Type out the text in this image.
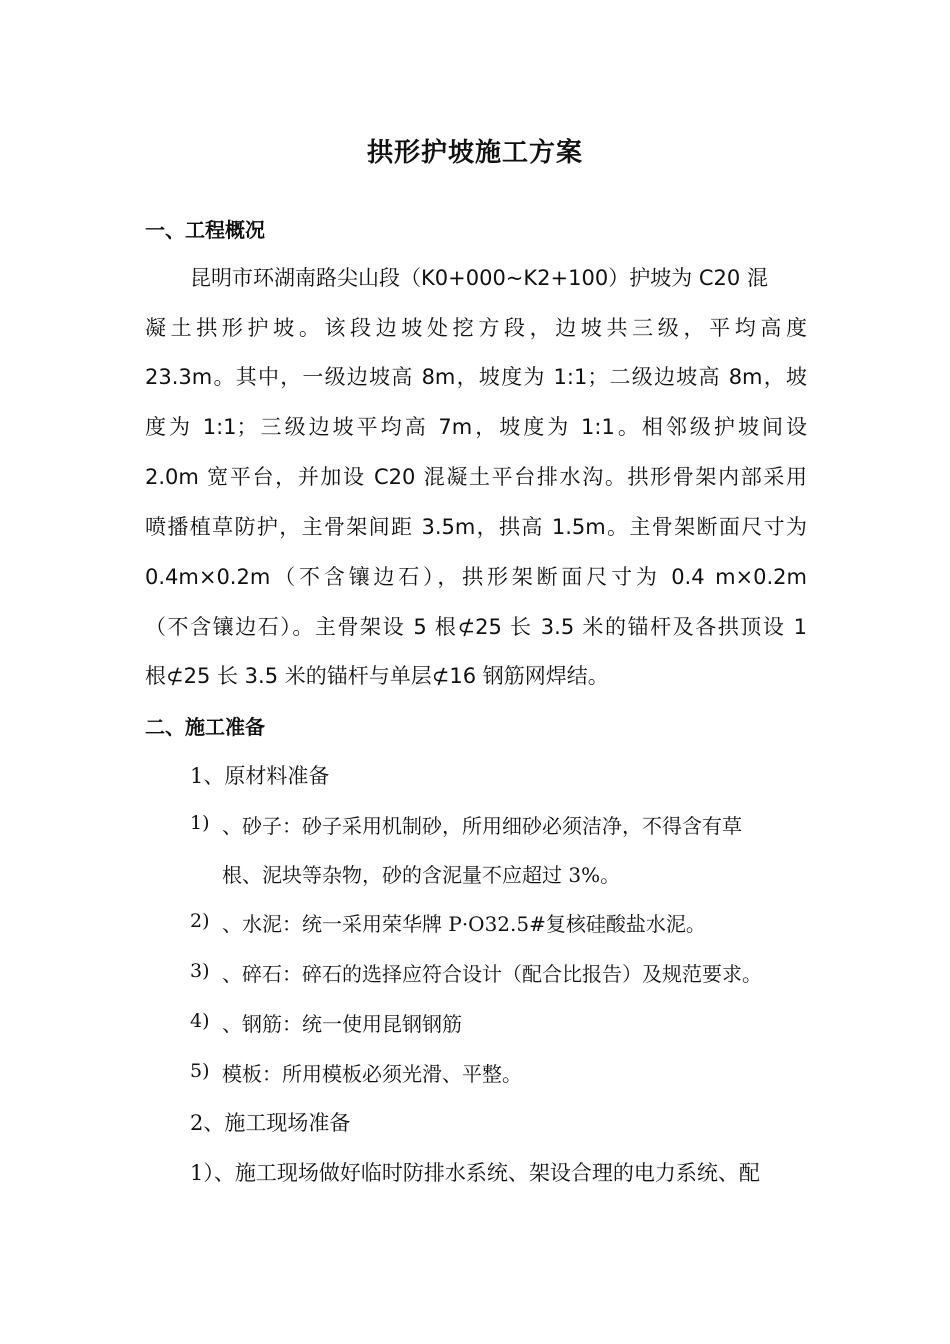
拱形护坡施工方案
一、工程概况
昆明市环湖南路尖山段（K0+000~K2+100）护坡为 C20 混
凝土拱形护坡。该段边坡处挖方段，边坡共三级，平均高度
23.3m。其中，一级边坡高 8m，坡度为 1:1；二级边坡高 8m，坡
度为 1:1；三级边坡平均高 7m，坡度为 1:1。相邻级护坡间设
2.0m 宽平台，并加设 C20 混凝土平台排水沟。拱形骨架内部采用
喷播植草防护，主骨架间距 3.5m，拱高 1.5m。主骨架断面尺寸为
0.4m×0.2m（不含镶边石），拱形架断面尺寸为 0.4 m×0.2m
（不含镶边石）。主骨架设 5 根⊄25 长 3.5 米的锚杆及各拱顶设 1
根⊄25 长 3.5 米的锚杆与单层⊄16 钢筋网焊结。
二、施工准备
1、原材料准备
1) 、砂子：砂子采用机制砂，所用细砂必须洁净，不得含有草
根、泥块等杂物，砂的含泥量不应超过 3%。
2) 、水泥：统一采用荣华牌 P·O32.5#复核硅酸盐水泥。
3) 、碎石：碎石的选择应符合设计（配合比报告）及规范要求。
4) 、钢筋：统一使用昆钢钢筋
5) 模板：所用模板必须光滑、平整。
2、施工现场准备
1）、施工现场做好临时防排水系统、架设合理的电力系统、配
